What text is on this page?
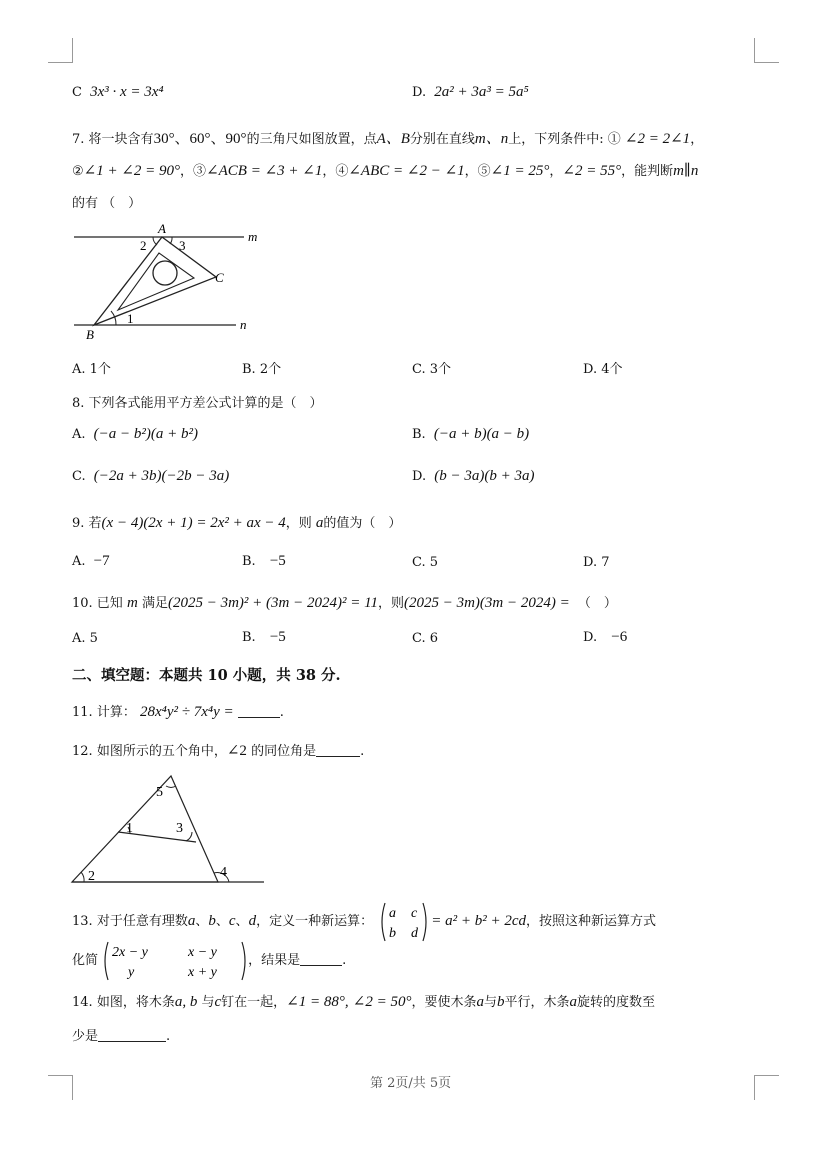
C 3x³ · x = 3x⁴	D. 2a² + 3a³ = 5a⁵
7. 将一块含有30°、60°、90°的三角尺如图放置，点A、B分别在直线m、n上，下列条件中: ① ∠2 = 2∠1，
②∠1 + ∠2 = 90°，③∠ACB = ∠3 + ∠1，④∠ABC = ∠2 − ∠1，⑤∠1 = 25°，∠2 = 55°，能判断m∥n
的有 （　）
A
2	3
m
C
1	n
B
A. 1个	B. 2个	C. 3个	D. 4个
8. 下列各式能用平方差公式计算的是（　）
A. (−a − b²)(a + b²)	B. (−a + b)(a − b)
C. (−2a + 3b)(−2b − 3a)	D. (b − 3a)(b + 3a)
9. 若(x − 4)(2x + 1) = 2x² + ax − 4，则 a的值为（　）
A. −7	B. −5	C. 5	D. 7
10. 已知 m 满足(2025 − 3m)² + (3m − 2024)² = 11，则(2025 − 3m)(3m − 2024) = （　）
A. 5	B. −5	C. 6	D. −6
二、填空题：本题共 10 小题，共 38 分.
11. 计算： 28x⁴y² ÷ 7x⁴y =	.
12. 如图所示的五个角中，∠2 的同位角是	.
5
1	3
4
2
13. 对于任意有理数a、b、c、d，定义一种新运算：
a c
b d
= a² + b² + 2cd，按照这种新运算方式
化简
2x − y	x − y
y	x + y
，结果是	.
14. 如图，将木条a, b 与c钉在一起，∠1 = 88°, ∠2 = 50°，要使木条a与b平行，木条a旋转的度数至
少是	.
第 2页/共 5页
